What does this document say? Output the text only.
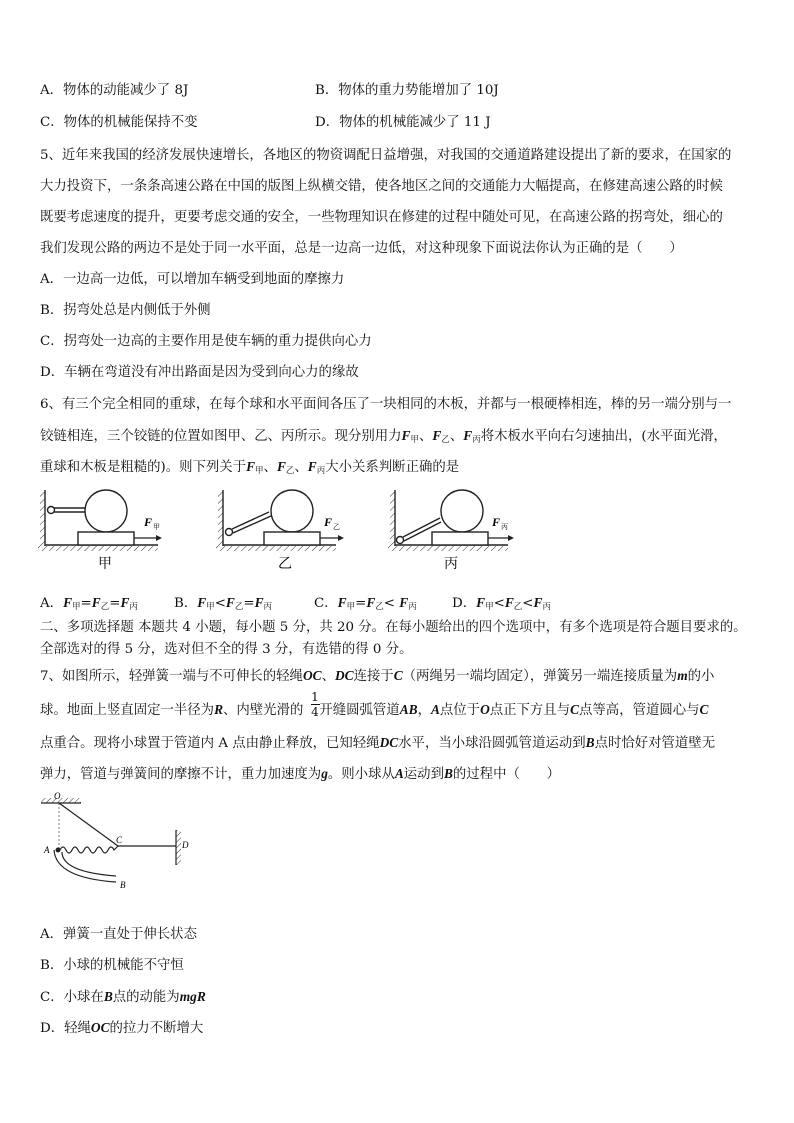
A．物体的动能减少了 8J	B．物体的重力势能增加了 10J
C．物体的机械能保持不变	D．物体的机械能减少了 11 J
5、近年来我国的经济发展快速增长，各地区的物资调配日益增强，对我国的交通道路建设提出了新的要求，在国家的
大力投资下，一条条高速公路在中国的版图上纵横交错，使各地区之间的交通能力大幅提高，在修建高速公路的时候
既要考虑速度的提升，更要考虑交通的安全，一些物理知识在修建的过程中随处可见，在高速公路的拐弯处，细心的
我们发现公路的两边不是处于同一水平面，总是一边高一边低，对这种现象下面说法你认为正确的是（　　）
A．一边高一边低，可以增加车辆受到地面的摩擦力
B．拐弯处总是内侧低于外侧
C．拐弯处一边高的主要作用是使车辆的重力提供向心力
D．车辆在弯道没有冲出路面是因为受到向心力的缘故
6、有三个完全相同的重球，在每个球和水平面间各压了一块相同的木板，并都与一根硬棒相连，棒的另一端分别与一
铰链相连，三个铰链的位置如图甲、乙、丙所示。现分别用力$F_甲$、$F_乙$、$F_丙$将木板水平向右匀速抽出，(水平面光滑，
重球和木板是粗糙的)。则下列关于$F_甲$、$F_乙$、$F_丙$大小关系判断正确的是
F 甲
甲
F 乙
乙
F 丙
丙
A．$F_甲=F_乙=F_丙$	B．$F_甲<F_乙=F_丙$	C．$F_甲=F_乙< F_丙$	D．$F_甲<F_乙<F_丙$
二、多项选择题 本题共 4 小题，每小题 5 分，共 20 分。在每小题给出的四个选项中，有多个选项是符合题目要求的。
全部选对的得 5 分，选对但不全的得 3 分，有选错的得 0 分。
7、如图所示，轻弹簧一端与不可伸长的轻绳OC、DC连接于C（两绳另一端均固定），弹簧另一端连接质量为m的小
球。地面上竖直固定一半径为R、内壁光滑的 开缝圆弧管道AB，A点位于O点正下方且与C点等高，管道圆心与C
1
4
点重合。现将小球置于管道内 A 点由静止释放，已知轻绳DC水平，当小球沿圆弧管道运动到B点时恰好对管道壁无
弹力，管道与弹簧间的摩擦不计，重力加速度为g。则小球从A运动到B的过程中（　　）
O
A
C	D
B
A．弹簧一直处于伸长状态
B．小球的机械能不守恒
C．小球在B点的动能为mgR
D．轻绳OC的拉力不断增大
